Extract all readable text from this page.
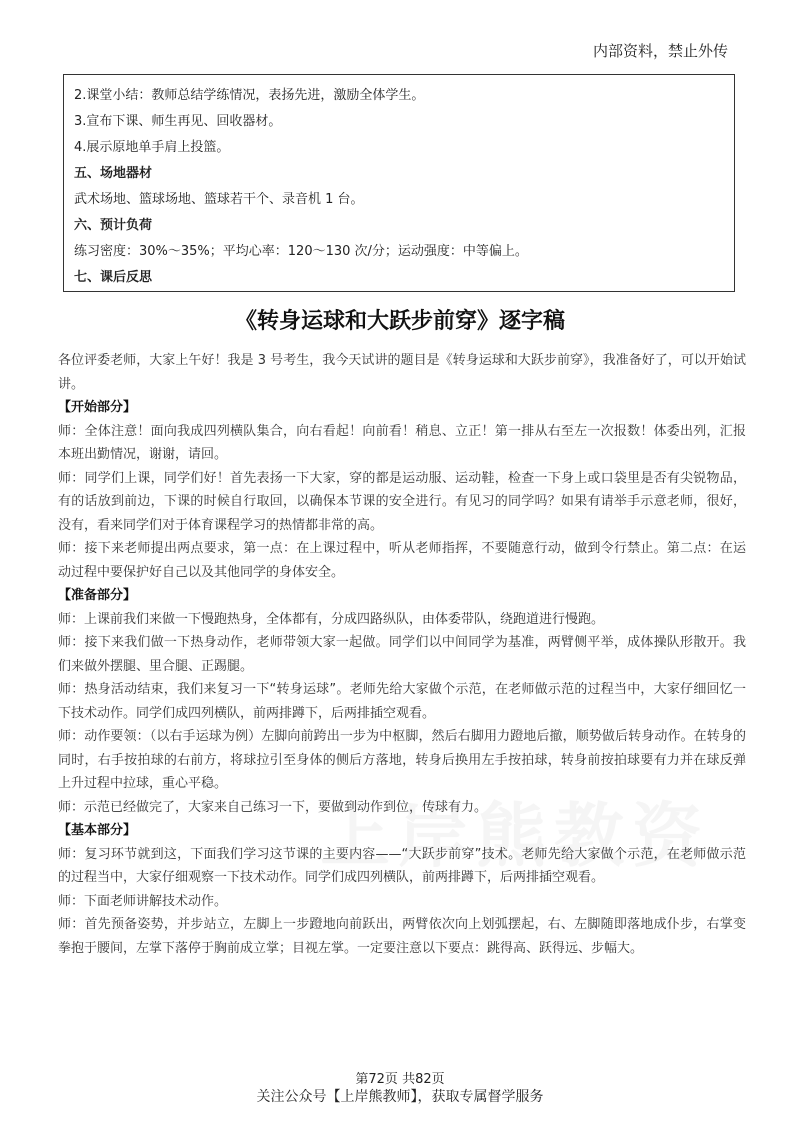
内部资料，禁止外传

2.课堂小结：教师总结学练情况，表扬先进，激励全体学生。

3.宣布下课、师生再见、回收器材。

4.展示原地单手肩上投篮。

五、场地器材

武术场地、篮球场地、篮球若干个、录音机 1 台。

六、预计负荷

练习密度：30%～35%；平均心率：120～130 次/分；运动强度：中等偏上。

七、课后反思

《转身运球和大跃步前穿》逐字稿

各位评委老师，大家上午好！我是 3 号考生，我今天试讲的题目是《转身运球和大跃步前穿》，我准备好了，可以开始试讲。

【开始部分】

师：全体注意！面向我成四列横队集合，向右看起！向前看！稍息、立正！第一排从右至左一次报数！体委出列，汇报本班出勤情况，谢谢，请回。

师：同学们上课，同学们好！首先表扬一下大家，穿的都是运动服、运动鞋，检查一下身上或口袋里是否有尖锐物品，有的话放到前边，下课的时候自行取回，以确保本节课的安全进行。有见习的同学吗？如果有请举手示意老师，很好，没有，看来同学们对于体育课程学习的热情都非常的高。

师：接下来老师提出两点要求，第一点：在上课过程中，听从老师指挥，不要随意行动，做到令行禁止。第二点：在运动过程中要保护好自己以及其他同学的身体安全。

【准备部分】

师：上课前我们来做一下慢跑热身，全体都有，分成四路纵队，由体委带队，绕跑道进行慢跑。

师：接下来我们做一下热身动作，老师带领大家一起做。同学们以中间同学为基准，两臂侧平举，成体操队形散开。我们来做外摆腿、里合腿、正踢腿。

师：热身活动结束，我们来复习一下“转身运球”。老师先给大家做个示范，在老师做示范的过程当中，大家仔细回忆一下技术动作。同学们成四列横队，前两排蹲下，后两排插空观看。

师：动作要领：（以右手运球为例）左脚向前跨出一步为中枢脚，然后右脚用力蹬地后撤，顺势做后转身动作。在转身的同时，右手按拍球的右前方，将球拉引至身体的侧后方落地，转身后换用左手按拍球，转身前按拍球要有力并在球反弹上升过程中拉球，重心平稳。

师：示范已经做完了，大家来自己练习一下，要做到动作到位，传球有力。

【基本部分】

师：复习环节就到这，下面我们学习这节课的主要内容——“大跃步前穿”技术。老师先给大家做个示范，在老师做示范的过程当中，大家仔细观察一下技术动作。同学们成四列横队，前两排蹲下，后两排插空观看。

师：下面老师讲解技术动作。

师：首先预备姿势，并步站立，左脚上一步蹬地向前跃出，两臂依次向上划弧摆起，右、左脚随即落地成仆步，右掌变拳抱于腰间，左掌下落停于胸前成立掌；目视左掌。一定要注意以下要点：跳得高、跃得远、步幅大。

第72页 共82页
关注公众号【上岸熊教师】，获取专属督学服务
